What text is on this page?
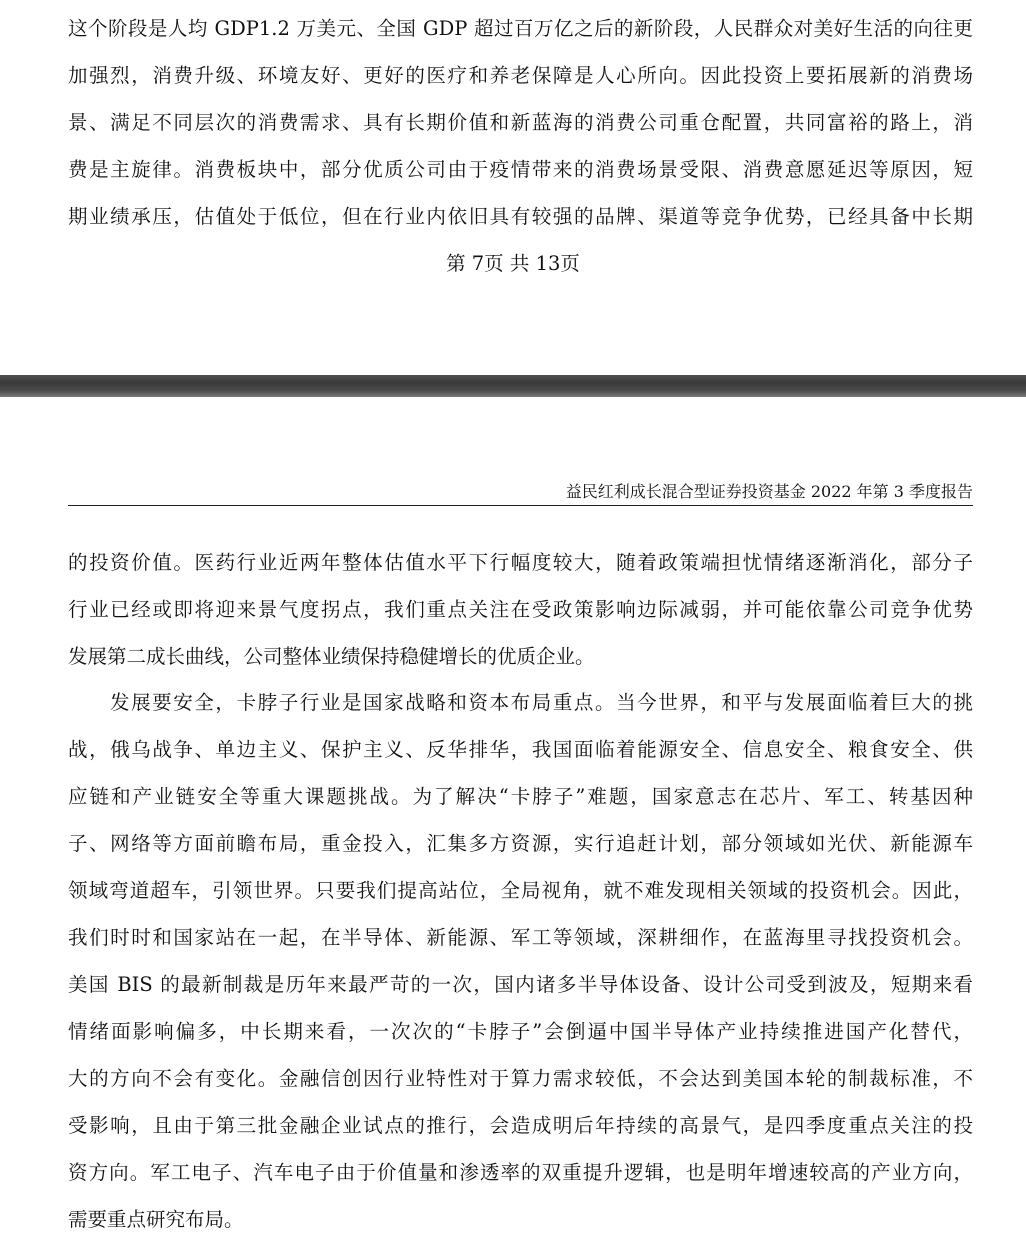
这个阶段是人均 GDP1.2 万美元、全国 GDP 超过百万亿之后的新阶段，人民群众对美好生活的向往更
加强烈，消费升级、环境友好、更好的医疗和养老保障是人心所向。因此投资上要拓展新的消费场
景、满足不同层次的消费需求、具有长期价值和新蓝海的消费公司重仓配置，共同富裕的路上，消
费是主旋律。消费板块中，部分优质公司由于疫情带来的消费场景受限、消费意愿延迟等原因，短
期业绩承压，估值处于低位，但在行业内依旧具有较强的品牌、渠道等竞争优势，已经具备中长期
第 7页 共 13页
益民红利成长混合型证券投资基金 2022 年第 3 季度报告
的投资价值。医药行业近两年整体估值水平下行幅度较大，随着政策端担忧情绪逐渐消化，部分子
行业已经或即将迎来景气度拐点，我们重点关注在受政策影响边际减弱，并可能依靠公司竞争优势
发展第二成长曲线，公司整体业绩保持稳健增长的优质企业。
发展要安全，卡脖子行业是国家战略和资本布局重点。当今世界，和平与发展面临着巨大的挑
战，俄乌战争、单边主义、保护主义、反华排华，我国面临着能源安全、信息安全、粮食安全、供
应链和产业链安全等重大课题挑战。为了解决“卡脖子”难题，国家意志在芯片、军工、转基因种
子、网络等方面前瞻布局，重金投入，汇集多方资源，实行追赶计划，部分领域如光伏、新能源车
领域弯道超车，引领世界。只要我们提高站位，全局视角，就不难发现相关领域的投资机会。因此，
我们时时和国家站在一起，在半导体、新能源、军工等领域，深耕细作，在蓝海里寻找投资机会。
美国 BIS 的最新制裁是历年来最严苛的一次，国内诸多半导体设备、设计公司受到波及，短期来看
情绪面影响偏多，中长期来看，一次次的“卡脖子”会倒逼中国半导体产业持续推进国产化替代，
大的方向不会有变化。金融信创因行业特性对于算力需求较低，不会达到美国本轮的制裁标准，不
受影响，且由于第三批金融企业试点的推行，会造成明后年持续的高景气，是四季度重点关注的投
资方向。军工电子、汽车电子由于价值量和渗透率的双重提升逻辑，也是明年增速较高的产业方向，
需要重点研究布局。
